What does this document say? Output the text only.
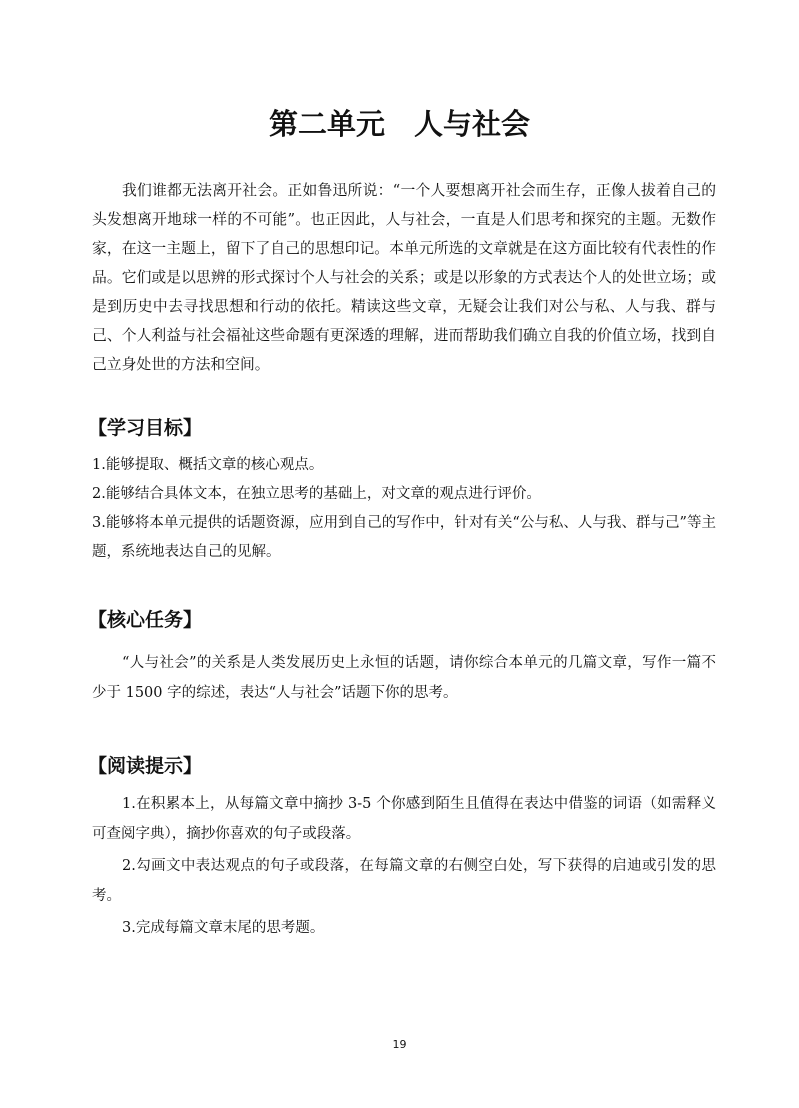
第二单元　人与社会

我们谁都无法离开社会。正如鲁迅所说：“一个人要想离开社会而生存，正像人拔着自己的头发想离开地球一样的不可能”。也正因此，人与社会，一直是人们思考和探究的主题。无数作家，在这一主题上，留下了自己的思想印记。本单元所选的文章就是在这方面比较有代表性的作品。它们或是以思辨的形式探讨个人与社会的关系；或是以形象的方式表达个人的处世立场；或是到历史中去寻找思想和行动的依托。精读这些文章，无疑会让我们对公与私、人与我、群与己、个人利益与社会福祉这些命题有更深透的理解，进而帮助我们确立自我的价值立场，找到自己立身处世的方法和空间。

【学习目标】

1.能够提取、概括文章的核心观点。

2.能够结合具体文本，在独立思考的基础上，对文章的观点进行评价。

3.能够将本单元提供的话题资源，应用到自己的写作中，针对有关“公与私、人与我、群与己”等主题，系统地表达自己的见解。

【核心任务】

“人与社会”的关系是人类发展历史上永恒的话题，请你综合本单元的几篇文章，写作一篇不少于 1500 字的综述，表达“人与社会”话题下你的思考。

【阅读提示】

1.在积累本上，从每篇文章中摘抄 3-5 个你感到陌生且值得在表达中借鉴的词语（如需释义可查阅字典），摘抄你喜欢的句子或段落。

2.勾画文中表达观点的句子或段落，在每篇文章的右侧空白处，写下获得的启迪或引发的思考。

3.完成每篇文章末尾的思考题。

19
